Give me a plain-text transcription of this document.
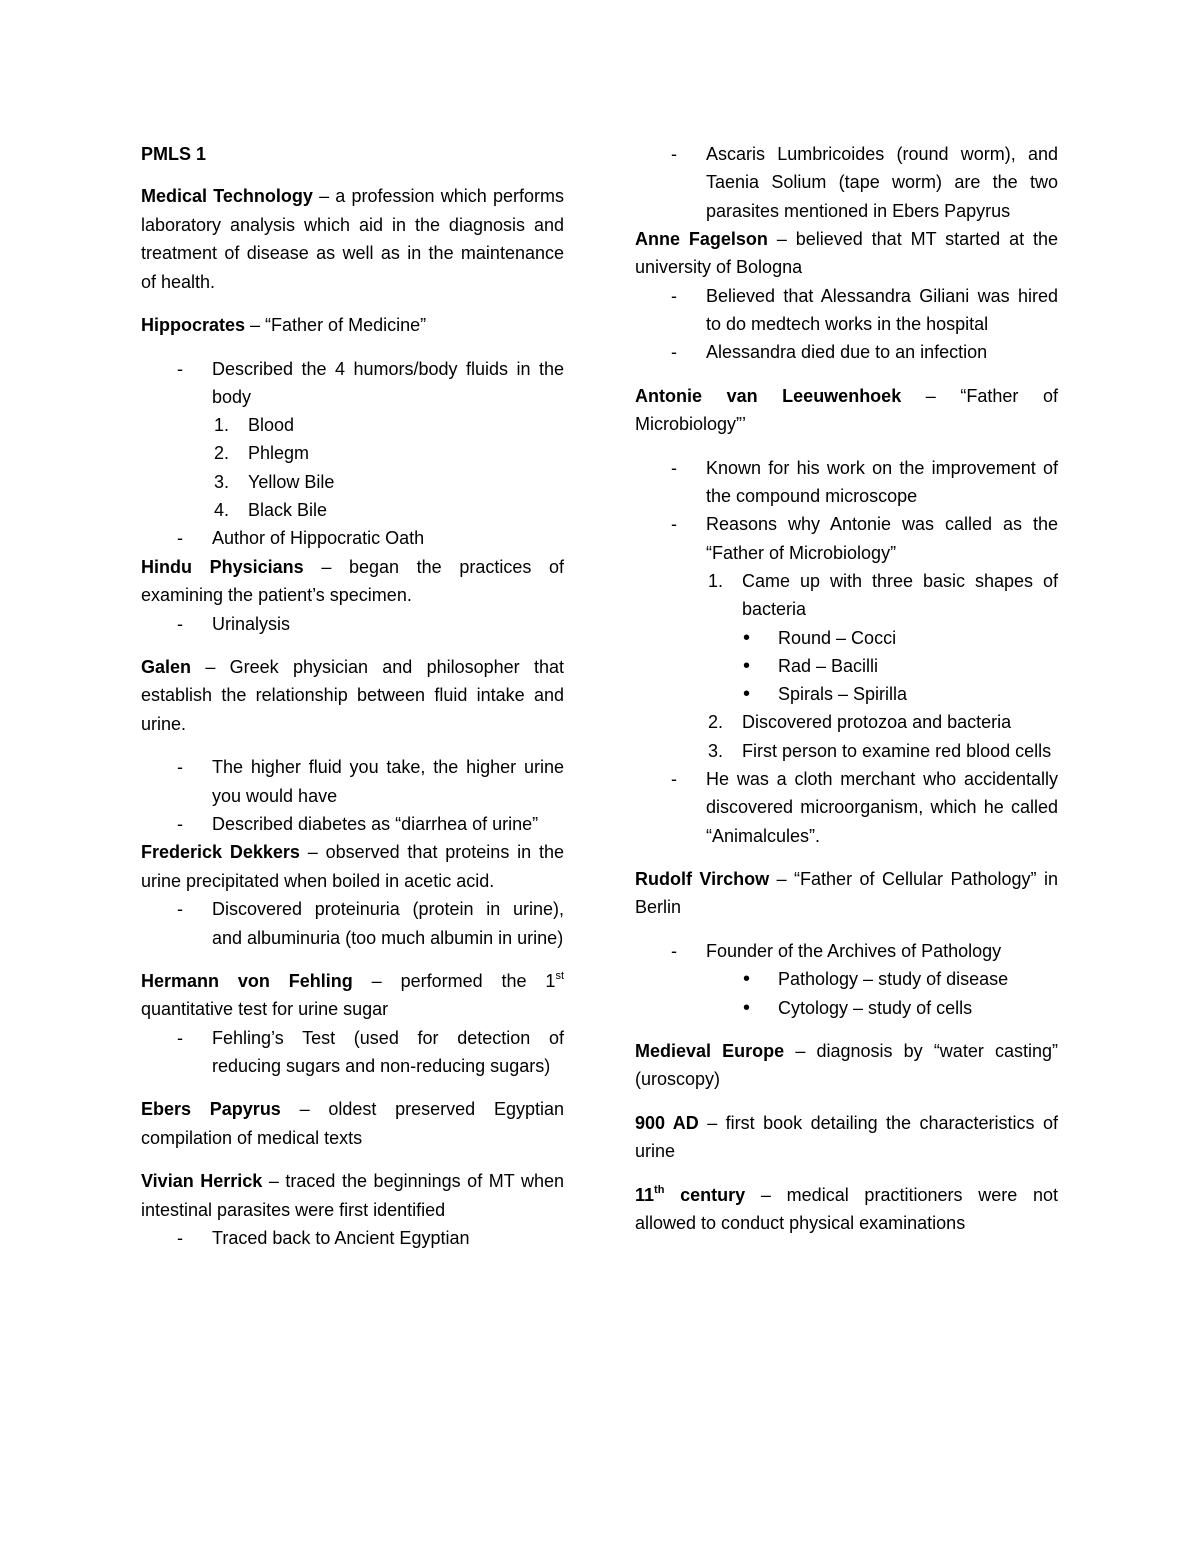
PMLS 1

Medical Technology – a profession which performs laboratory analysis which aid in the diagnosis and treatment of disease as well as in the maintenance of health.

Hippocrates – “Father of Medicine”

- Described the 4 humors/body fluids in the body

1. Blood

2. Phlegm

3. Yellow Bile

4. Black Bile

- Author of Hippocratic Oath

Hindu Physicians – began the practices of examining the patient’s specimen.

- Urinalysis

Galen – Greek physician and philosopher that establish the relationship between fluid intake and urine.

- The higher fluid you take, the higher urine you would have

- Described diabetes as “diarrhea of urine”

Frederick Dekkers – observed that proteins in the urine precipitated when boiled in acetic acid.

- Discovered proteinuria (protein in urine), and albuminuria (too much albumin in urine)

Hermann von Fehling – performed the 1st quantitative test for urine sugar

- Fehling’s Test (used for detection of reducing sugars and non-reducing sugars)

Ebers Papyrus – oldest preserved Egyptian compilation of medical texts

Vivian Herrick – traced the beginnings of MT when intestinal parasites were first identified

- Traced back to Ancient Egyptian

- Ascaris Lumbricoides (round worm), and Taenia Solium (tape worm) are the two parasites mentioned in Ebers Papyrus

Anne Fagelson – believed that MT started at the university of Bologna

- Believed that Alessandra Giliani was hired to do medtech works in the hospital

- Alessandra died due to an infection

Antonie van Leeuwenhoek – “Father of Microbiology”’

- Known for his work on the improvement of the compound microscope

- Reasons why Antonie was called as the “Father of Microbiology”

1. Came up with three basic shapes of bacteria

• Round – Cocci

• Rad – Bacilli

• Spirals – Spirilla

2. Discovered protozoa and bacteria

3. First person to examine red blood cells

- He was a cloth merchant who accidentally discovered microorganism, which he called “Animalcules”.

Rudolf Virchow – “Father of Cellular Pathology” in Berlin

- Founder of the Archives of Pathology

• Pathology – study of disease

• Cytology – study of cells

Medieval Europe – diagnosis by “water casting” (uroscopy)

900 AD – first book detailing the characteristics of urine

11th century – medical practitioners were not allowed to conduct physical examinations
